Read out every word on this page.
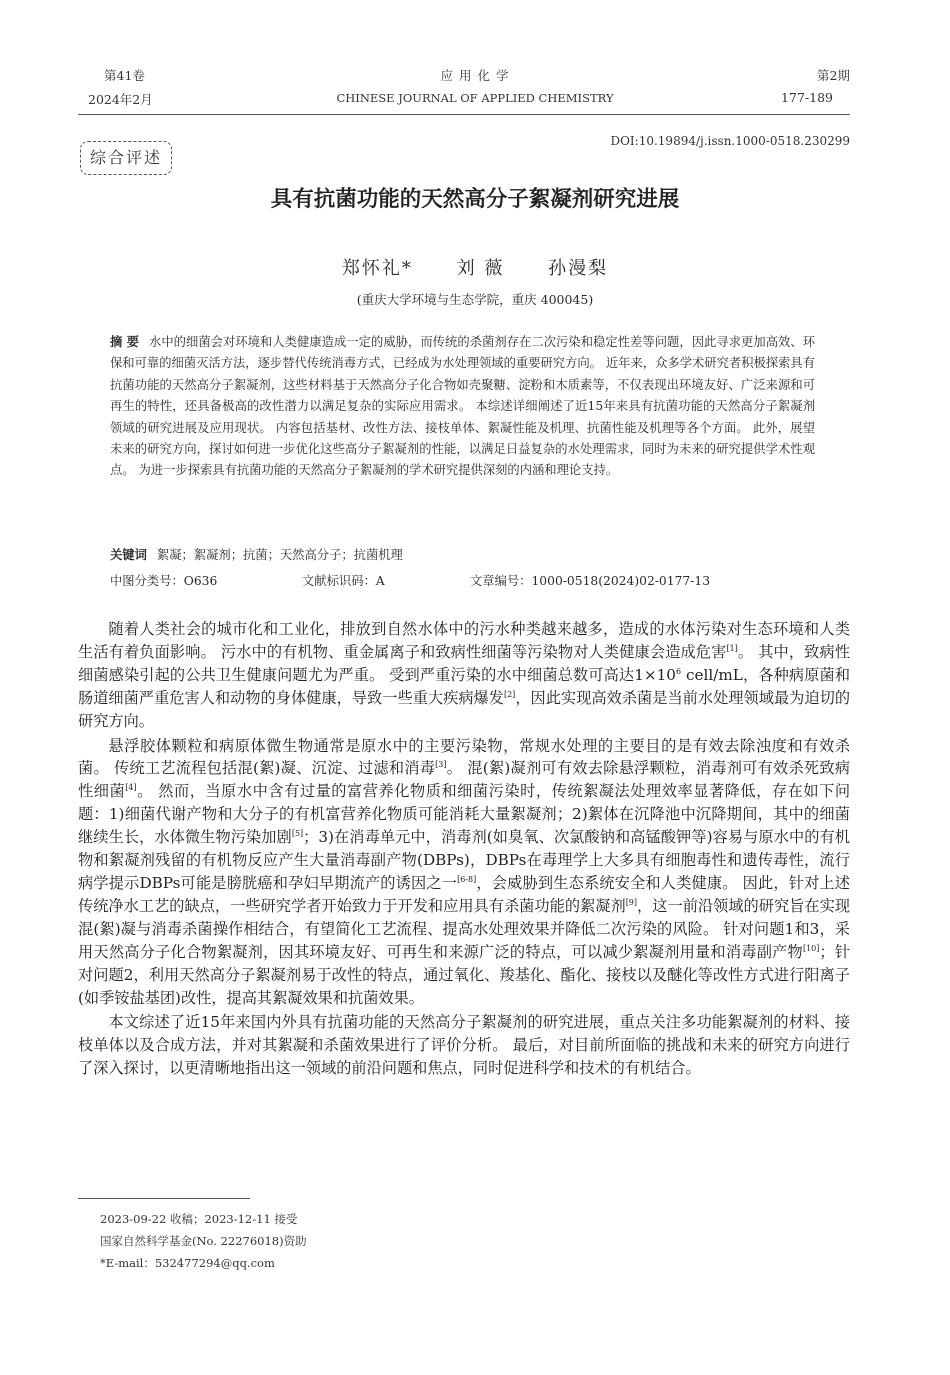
第41卷
2024年2月
应 用 化 学
CHINESE JOURNAL OF APPLIED CHEMISTRY
第2期
177-189
综合评述
DOI:10.19894/j.issn.1000-0518.230299
具有抗菌功能的天然高分子絮凝剂研究进展
郑怀礼* 刘 薇 孙漫梨
(重庆大学环境与生态学院，重庆 400045)
摘 要 水中的细菌会对环境和人类健康造成一定的威胁，而传统的杀菌剂存在二次污染和稳定性差等问题，因此寻求更加高效、环保和可靠的细菌灭活方法，逐步替代传统消毒方式，已经成为水处理领域的重要研究方向。 近年来，众多学术研究者积极探索具有抗菌功能的天然高分子絮凝剂，这些材料基于天然高分子化合物如壳聚糖、淀粉和木质素等，不仅表现出环境友好、广泛来源和可再生的特性，还具备极高的改性潜力以满足复杂的实际应用需求。 本综述详细阐述了近15年来具有抗菌功能的天然高分子絮凝剂领域的研究进展及应用现状。 内容包括基材、改性方法、接枝单体、絮凝性能及机理、抗菌性能及机理等各个方面。 此外，展望未来的研究方向，探讨如何进一步优化这些高分子絮凝剂的性能，以满足日益复杂的水处理需求，同时为未来的研究提供学术性观点。 为进一步探索具有抗菌功能的天然高分子絮凝剂的学术研究提供深刻的内涵和理论支持。
关键词 絮凝；絮凝剂；抗菌；天然高分子；抗菌机理
中图分类号：O636	文献标识码：A	文章编号：1000-0518(2024)02-0177-13

随着人类社会的城市化和工业化，排放到自然水体中的污水种类越来越多，造成的水体污染对生态环境和人类生活有着负面影响。 污水中的有机物、重金属离子和致病性细菌等污染物对人类健康会造成危害[1]。 其中，致病性细菌感染引起的公共卫生健康问题尤为严重。 受到严重污染的水中细菌总数可高达$1\times 10^6$ cell/mL，各种病原菌和肠道细菌严重危害人和动物的身体健康，导致一些重大疾病爆发[2]，因此实现高效杀菌是当前水处理领域最为迫切的研究方向。

悬浮胶体颗粒和病原体微生物通常是原水中的主要污染物，常规水处理的主要目的是有效去除浊度和有效杀菌。 传统工艺流程包括混(絮)凝、沉淀、过滤和消毒[3]。 混(絮)凝剂可有效去除悬浮颗粒，消毒剂可有效杀死致病性细菌[4]。 然而，当原水中含有过量的富营养化物质和细菌污染时，传统絮凝法处理效率显著降低，存在如下问题：1)细菌代谢产物和大分子的有机富营养化物质可能消耗大量絮凝剂；2)絮体在沉降池中沉降期间，其中的细菌继续生长，水体微生物污染加剧[5]；3)在消毒单元中，消毒剂(如臭氧、次氯酸钠和高锰酸钾等)容易与原水中的有机物和絮凝剂残留的有机物反应产生大量消毒副产物(DBPs)，DBPs在毒理学上大多具有细胞毒性和遗传毒性，流行病学提示DBPs可能是膀胱癌和孕妇早期流产的诱因之一[6-8]，会威胁到生态系统安全和人类健康。 因此，针对上述传统净水工艺的缺点，一些研究学者开始致力于开发和应用具有杀菌功能的絮凝剂[9]，这一前沿领域的研究旨在实现混(絮)凝与消毒杀菌操作相结合，有望简化工艺流程、提高水处理效果并降低二次污染的风险。 针对问题1和3，采用天然高分子化合物絮凝剂，因其环境友好、可再生和来源广泛的特点，可以减少絮凝剂用量和消毒副产物[10]；针对问题2，利用天然高分子絮凝剂易于改性的特点，通过氧化、羧基化、酯化、接枝以及醚化等改性方式进行阳离子(如季铵盐基团)改性，提高其絮凝效果和抗菌效果。

本文综述了近15年来国内外具有抗菌功能的天然高分子絮凝剂的研究进展，重点关注多功能絮凝剂的材料、接枝单体以及合成方法，并对其絮凝和杀菌效果进行了评价分析。 最后，对目前所面临的挑战和未来的研究方向进行了深入探讨，以更清晰地指出这一领域的前沿问题和焦点，同时促进科学和技术的有机结合。

2023-09-22 收稿；2023-12-11 接受
国家自然科学基金(No. 22276018)资助
*E-mail：532477294@qq.com
